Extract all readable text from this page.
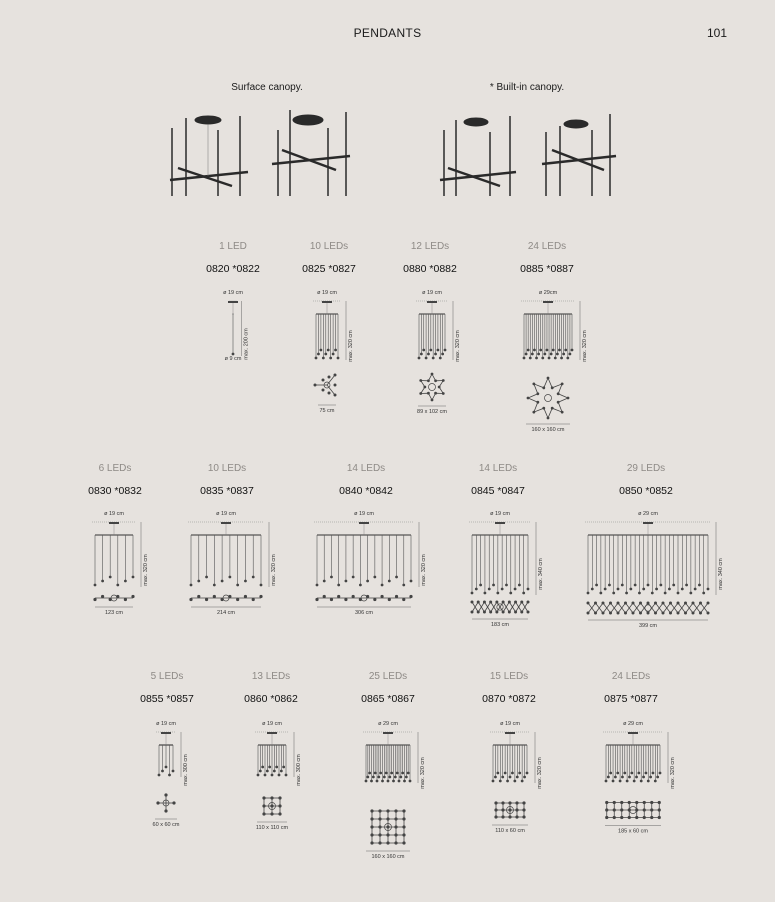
PENDANTS	101
Surface canopy.	* Built-in canopy.
1 LED
0820 *0822
10 LEDs
0825 *0827
12 LEDs
0880 *0882
24 LEDs
0885 *0887
6 LEDs
0830 *0832
10 LEDs
0835 *0837
14 LEDs
0840 *0842
14 LEDs
0845 *0847
29 LEDs
0850 *0852
5 LEDs
0855 *0857
13 LEDs
0860 *0862
25 LEDs
0865 *0867
15 LEDs
0870 *0872
24 LEDs
0875 *0877
ø 19 cm
max. 200 cm
ø 9 cm
ø 19 cm
max. 320 cm
75 cm
ø 19 cm
max. 320 cm
89 x 102 cm
ø 29cm
max. 320 cm
160 x 160 cm
ø 19 cm
max. 320 cm
123 cm
ø 19 cm
max. 320 cm
214 cm
ø 19 cm
max. 320 cm
306 cm
ø 19 cm
max. 340 cm
183 cm
ø 29 cm
max. 340 cm
399 cm
ø 19 cm
max. 300 cm
60 x 60 cm
ø 19 cm
max. 300 cm
110 x 110 cm
ø 29 cm
max. 320 cm
160 x 160 cm
ø 19 cm
max. 320 cm
110 x 60 cm
ø 29 cm
max. 320 cm
185 x 60 cm
